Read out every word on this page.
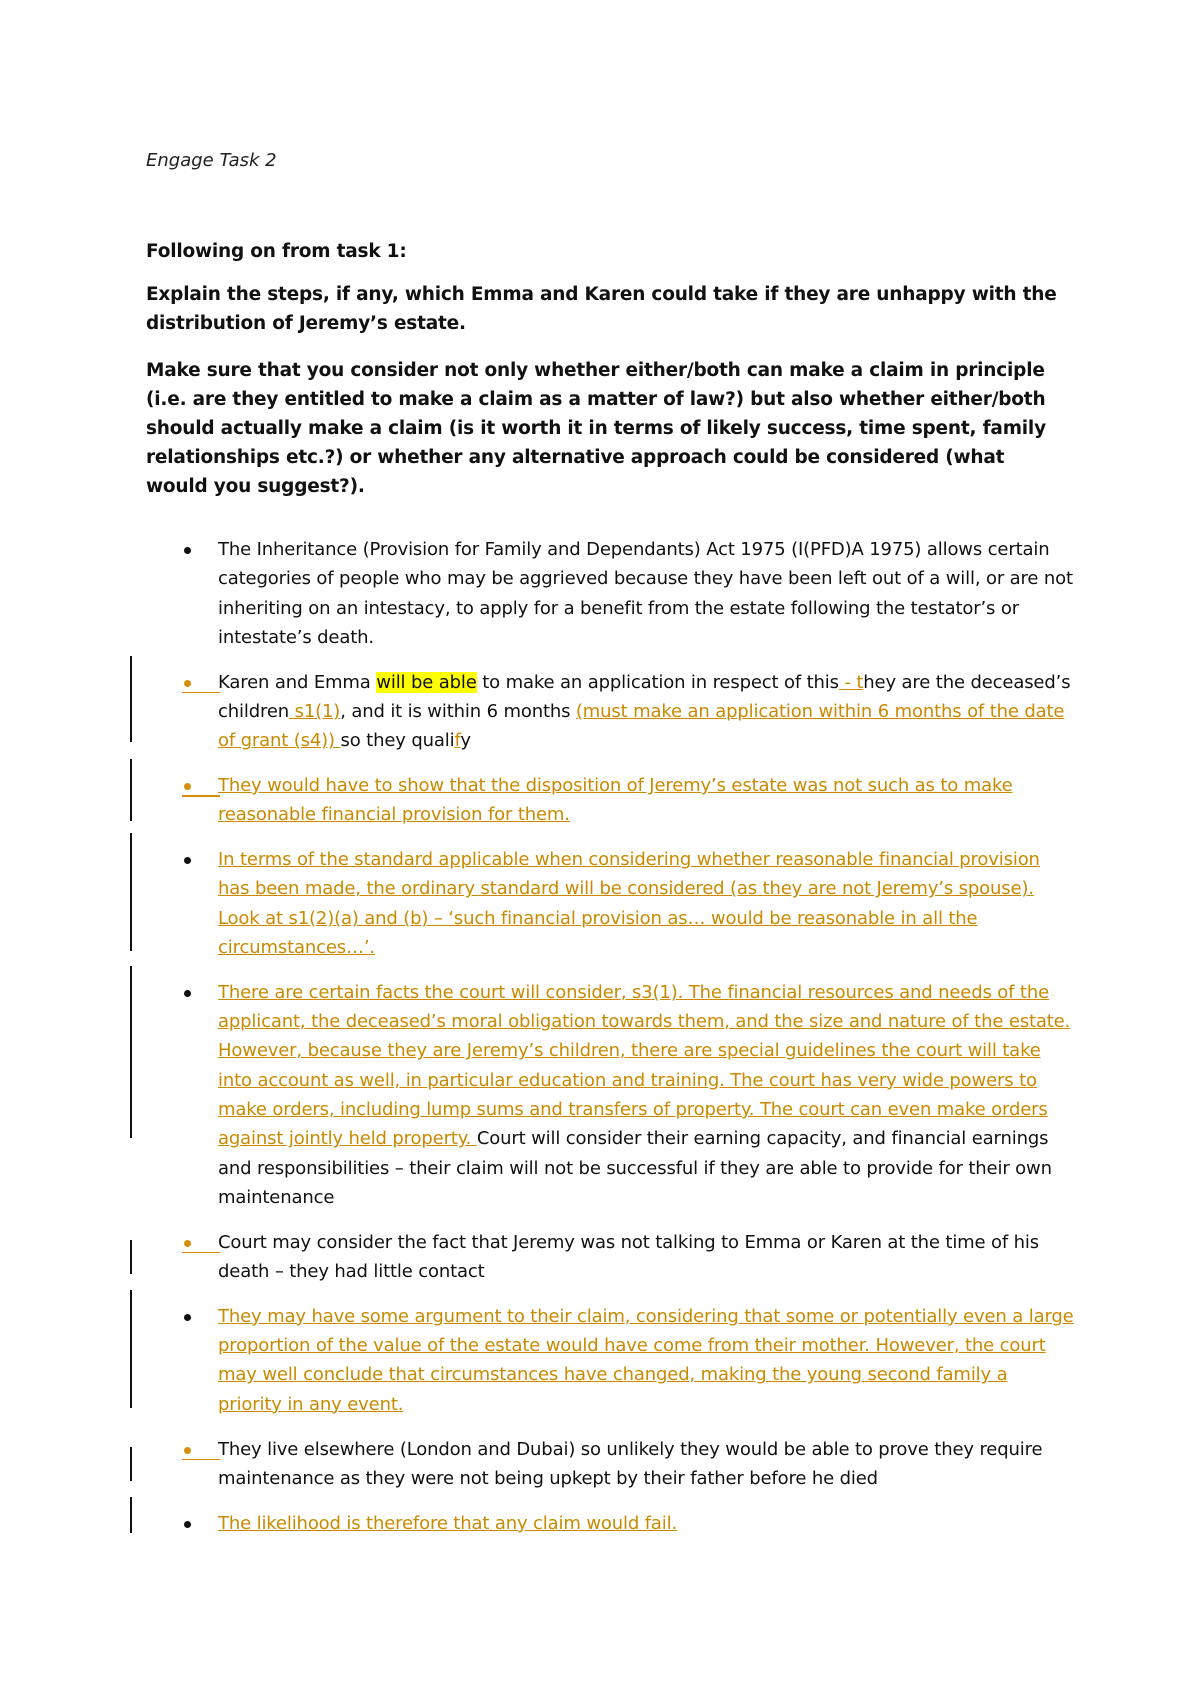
Engage Task 2
Following on from task 1:
Explain the steps, if any, which Emma and Karen could take if they are unhappy with the distribution of Jeremy’s estate.
Make sure that you consider not only whether either/both can make a claim in principle (i.e. are they entitled to make a claim as a matter of law?) but also whether either/both should actually make a claim (is it worth it in terms of likely success, time spent, family relationships etc.?) or whether any alternative approach could be considered (what would you suggest?).
The Inheritance (Provision for Family and Dependants) Act 1975 (I(PFD)A 1975) allows certain categories of people who may be aggrieved because they have been left out of a will, or are not inheriting on an intestacy, to apply for a benefit from the estate following the testator’s or intestate’s death.
Karen and Emma will be able to make an application in respect of this - they are the deceased’s children s1(1), and it is within 6 months (must make an application within 6 months of the date of grant (s4)) so they qualify
They would have to show that the disposition of Jeremy’s estate was not such as to make reasonable financial provision for them.
In terms of the standard applicable when considering whether reasonable financial provision has been made, the ordinary standard will be considered (as they are not Jeremy’s spouse). Look at s1(2)(a) and (b) – ‘such financial provision as… would be reasonable in all the circumstances…’.
There are certain facts the court will consider, s3(1). The financial resources and needs of the applicant, the deceased’s moral obligation towards them, and the size and nature of the estate. However, because they are Jeremy’s children, there are special guidelines the court will take into account as well, in particular education and training. The court has very wide powers to make orders, including lump sums and transfers of property. The court can even make orders against jointly held property. Court will consider their earning capacity, and financial earnings and responsibilities – their claim will not be successful if they are able to provide for their own maintenance
Court may consider the fact that Jeremy was not talking to Emma or Karen at the time of his death – they had little contact
They may have some argument to their claim, considering that some or potentially even a large proportion of the value of the estate would have come from their mother. However, the court may well conclude that circumstances have changed, making the young second family a priority in any event.
They live elsewhere (London and Dubai) so unlikely they would be able to prove they require maintenance as they were not being upkept by their father before he died
The likelihood is therefore that any claim would fail.
